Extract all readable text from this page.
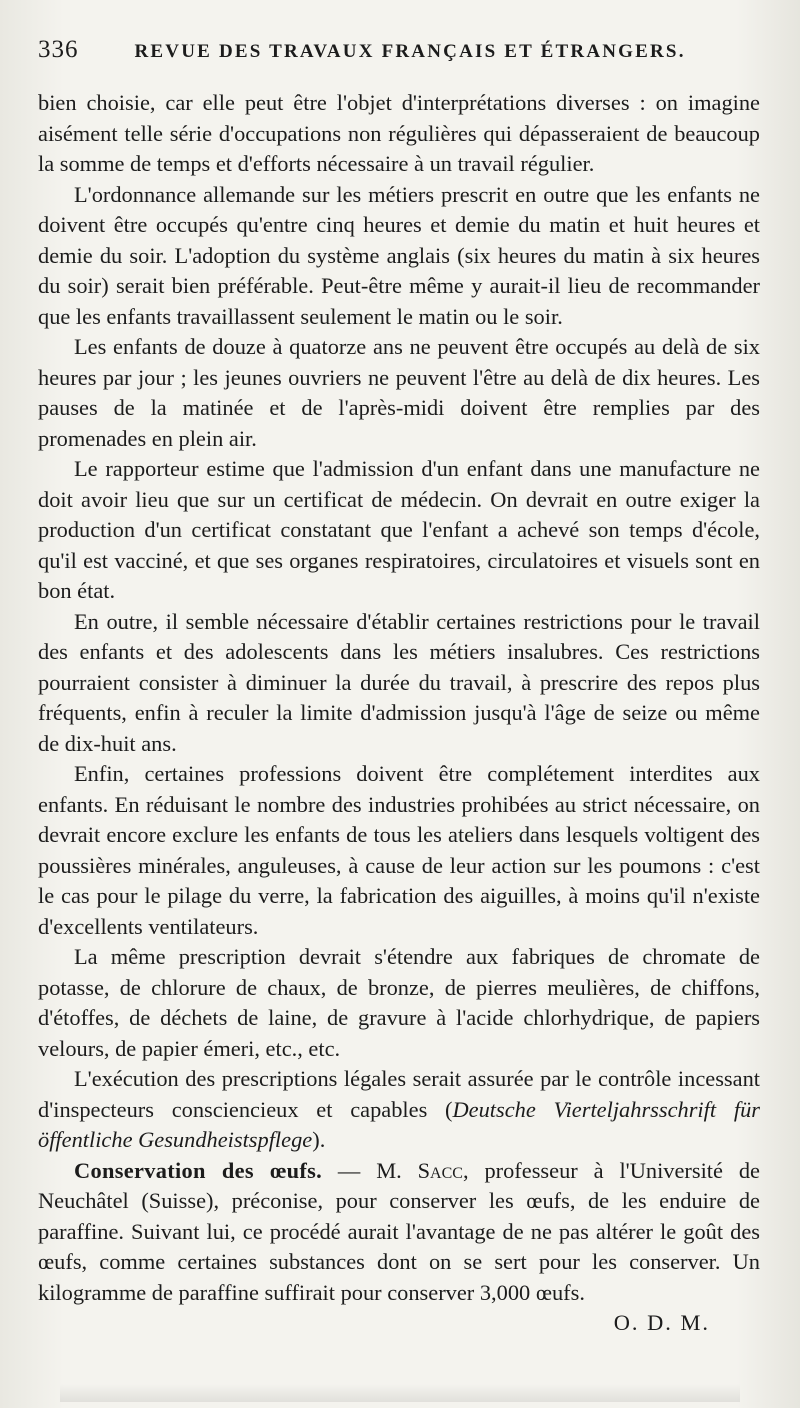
336	REVUE DES TRAVAUX FRANÇAIS ET ÉTRANGERS.

bien choisie, car elle peut être l'objet d'interprétations diverses : on imagine aisément telle série d'occupations non régulières qui dépasseraient de beaucoup la somme de temps et d'efforts nécessaire à un travail régulier.

L'ordonnance allemande sur les métiers prescrit en outre que les enfants ne doivent être occupés qu'entre cinq heures et demie du matin et huit heures et demie du soir. L'adoption du système anglais (six heures du matin à six heures du soir) serait bien préférable. Peut-être même y aurait-il lieu de recommander que les enfants travaillassent seulement le matin ou le soir.

Les enfants de douze à quatorze ans ne peuvent être occupés au delà de six heures par jour ; les jeunes ouvriers ne peuvent l'être au delà de dix heures. Les pauses de la matinée et de l'après-midi doivent être remplies par des promenades en plein air.

Le rapporteur estime que l'admission d'un enfant dans une manufacture ne doit avoir lieu que sur un certificat de médecin. On devrait en outre exiger la production d'un certificat constatant que l'enfant a achevé son temps d'école, qu'il est vacciné, et que ses organes respiratoires, circulatoires et visuels sont en bon état.

En outre, il semble nécessaire d'établir certaines restrictions pour le travail des enfants et des adolescents dans les métiers insalubres. Ces restrictions pourraient consister à diminuer la durée du travail, à prescrire des repos plus fréquents, enfin à reculer la limite d'admission jusqu'à l'âge de seize ou même de dix-huit ans.

Enfin, certaines professions doivent être complétement interdites aux enfants. En réduisant le nombre des industries prohibées au strict nécessaire, on devrait encore exclure les enfants de tous les ateliers dans lesquels voltigent des poussières minérales, anguleuses, à cause de leur action sur les poumons : c'est le cas pour le pilage du verre, la fabrication des aiguilles, à moins qu'il n'existe d'excellents ventilateurs.

La même prescription devrait s'étendre aux fabriques de chromate de potasse, de chlorure de chaux, de bronze, de pierres meulières, de chiffons, d'étoffes, de déchets de laine, de gravure à l'acide chlorhydrique, de papiers velours, de papier émeri, etc., etc.

L'exécution des prescriptions légales serait assurée par le contrôle incessant d'inspecteurs consciencieux et capables (Deutsche Vierteljahrsschrift für öffentliche Gesundheistspflege).

Conservation des œufs. — M. Sacc, professeur à l'Université de Neuchâtel (Suisse), préconise, pour conserver les œufs, de les enduire de paraffine. Suivant lui, ce procédé aurait l'avantage de ne pas altérer le goût des œufs, comme certaines substances dont on se sert pour les conserver. Un kilogramme de paraffine suffirait pour conserver 3,000 œufs.
O. D. M.
